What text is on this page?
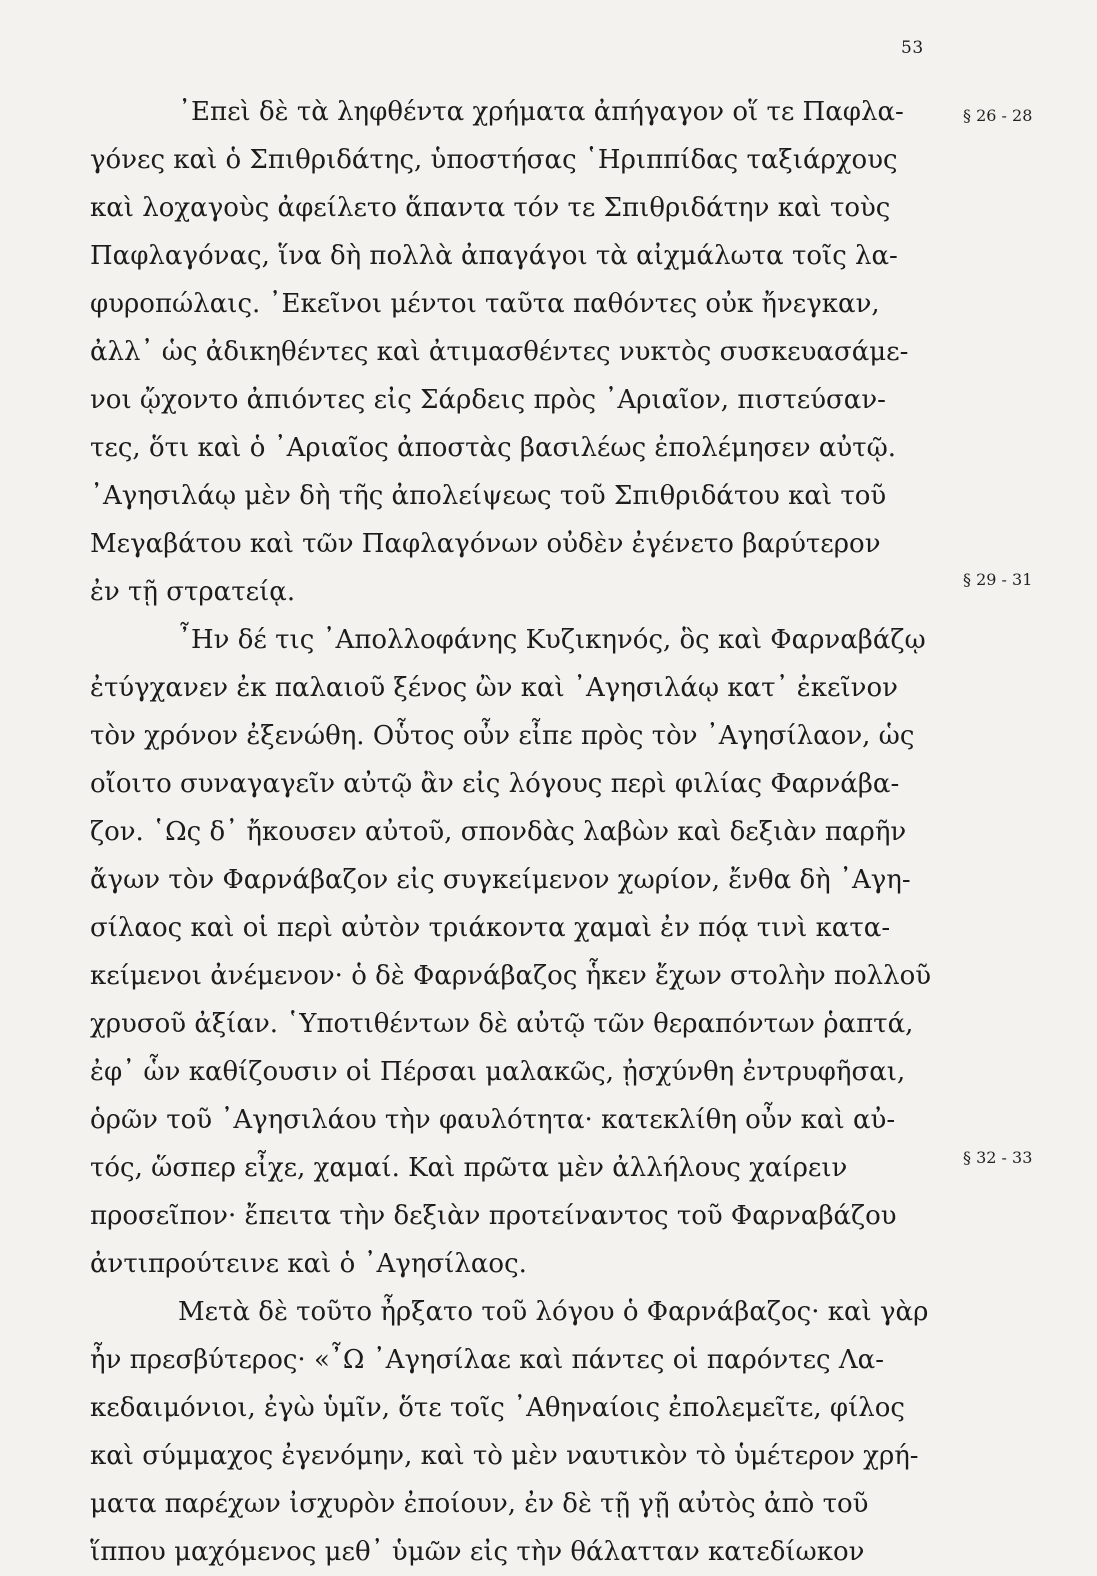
53
§ 26 - 28
§ 29 - 31
§ 32 - 33
᾿Επεὶ δὲ τὰ ληφθέντα χρήματα ἀπήγαγον οἵ τε Παφλα-
γόνες καὶ ὁ Σπιθριδάτης, ὑποστήσας ῾Ηριππίδας ταξιάρχους
καὶ λοχαγοὺς ἀφείλετο ἅπαντα τόν τε Σπιθριδάτην καὶ τοὺς
Παφλαγόνας, ἵνα δὴ πολλὰ ἀπαγάγοι τὰ αἰχμάλωτα τοῖς λα-
φυροπώλαις. ᾿Εκεῖνοι μέντοι ταῦτα παθόντες οὐκ ἤνεγκαν,
ἀλλ᾿ ὡς ἀδικηθέντες καὶ ἀτιμασθέντες νυκτὸς συσκευασάμε-
νοι ᾤχοντο ἀπιόντες εἰς Σάρδεις πρὸς ᾿Αριαῖον, πιστεύσαν-
τες, ὅτι καὶ ὁ ᾿Αριαῖος ἀποστὰς βασιλέως ἐπολέμησεν αὐτῷ.
᾿Αγησιλάῳ μὲν δὴ τῆς ἀπολείψεως τοῦ Σπιθριδάτου καὶ τοῦ
Μεγαβάτου καὶ τῶν Παφλαγόνων οὐδὲν ἐγένετο βαρύτερον
ἐν τῇ στρατείᾳ.
῏Ην δέ τις ᾿Απολλοφάνης Κυζικηνός, ὃς καὶ Φαρναβάζῳ
ἐτύγχανεν ἐκ παλαιοῦ ξένος ὢν καὶ ᾿Αγησιλάῳ κατ᾿ ἐκεῖνον
τὸν χρόνον ἐξενώθη. Οὗτος οὖν εἶπε πρὸς τὸν ᾿Αγησίλαον, ὡς
οἴοιτο συναγαγεῖν αὐτῷ ἂν εἰς λόγους περὶ φιλίας Φαρνάβα-
ζον. ῾Ως δ᾿ ἤκουσεν αὐτοῦ, σπονδὰς λαβὼν καὶ δεξιὰν παρῆν
ἄγων τὸν Φαρνάβαζον εἰς συγκείμενον χωρίον, ἔνθα δὴ ᾿Αγη-
σίλαος καὶ οἱ περὶ αὐτὸν τριάκοντα χαμαὶ ἐν πόᾳ τινὶ κατα-
κείμενοι ἀνέμενον· ὁ δὲ Φαρνάβαζος ἧκεν ἔχων στολὴν πολλοῦ
χρυσοῦ ἀξίαν. ῾Υποτιθέντων δὲ αὐτῷ τῶν θεραπόντων ῥαπτά,
ἐφ᾿ ὧν καθίζουσιν οἱ Πέρσαι μαλακῶς, ᾐσχύνθη ἐντρυφῆσαι,
ὁρῶν τοῦ ᾿Αγησιλάου τὴν φαυλότητα· κατεκλίθη οὖν καὶ αὐ-
τός, ὥσπερ εἶχε, χαμαί. Καὶ πρῶτα μὲν ἀλλήλους χαίρειν
προσεῖπον· ἔπειτα τὴν δεξιὰν προτείναντος τοῦ Φαρναβάζου
ἀντιπρούτεινε καὶ ὁ ᾿Αγησίλαος.
Μετὰ δὲ τοῦτο ἦρξατο τοῦ λόγου ὁ Φαρνάβαζος· καὶ γὰρ
ἦν πρεσβύτερος· «῏Ω ᾿Αγησίλαε καὶ πάντες οἱ παρόντες Λα-
κεδαιμόνιοι, ἐγὼ ὑμῖν, ὅτε τοῖς ᾿Αθηναίοις ἐπολεμεῖτε, φίλος
καὶ σύμμαχος ἐγενόμην, καὶ τὸ μὲν ναυτικὸν τὸ ὑμέτερον χρή-
ματα παρέχων ἰσχυρὸν ἐποίουν, ἐν δὲ τῇ γῇ αὐτὸς ἀπὸ τοῦ
ἵππου μαχόμενος μεθ᾿ ὑμῶν εἰς τὴν θάλατταν κατεδίωκον
